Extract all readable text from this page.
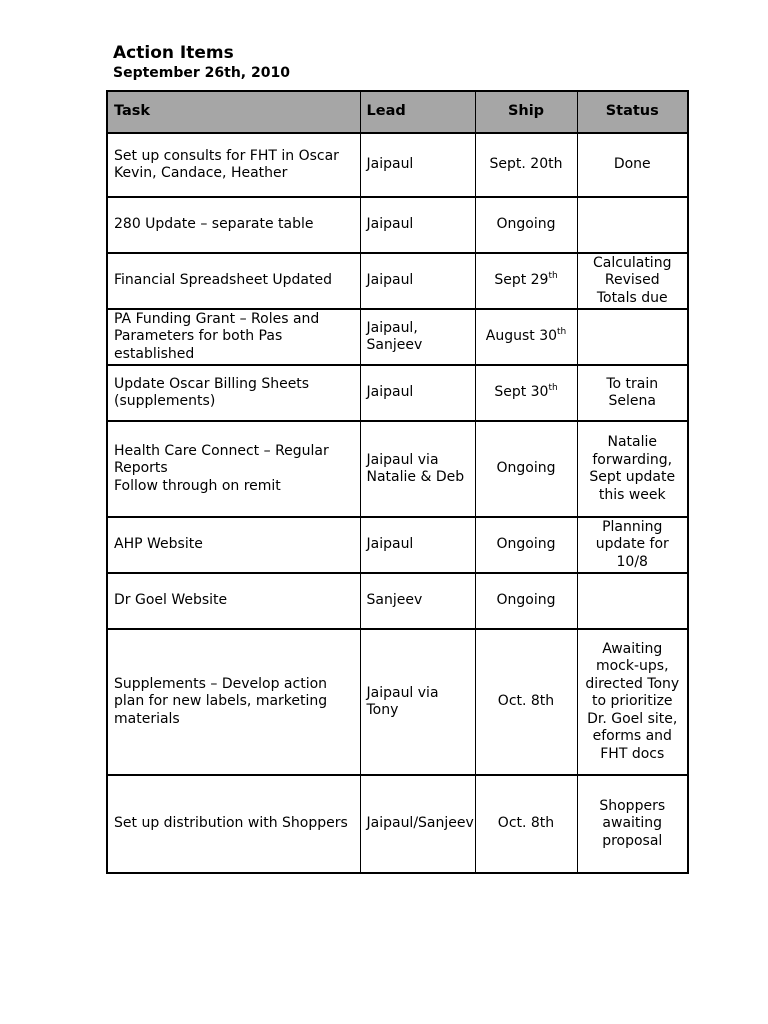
Action Items
September 26th, 2010
Task	Lead	Ship	Status

Set up consults for FHT in Oscar
Kevin, Candace, Heather	Jaipaul	Sept. 20th	Done

280 Update – separate table	Jaipaul	Ongoing	

Financial Spreadsheet Updated	Jaipaul	Sept 29th	Calculating Revised Totals due

PA Funding Grant – Roles and Parameters for both Pas established	Jaipaul, Sanjeev	August 30th	

Update Oscar Billing Sheets (supplements)	Jaipaul	Sept 30th	To train Selena

Health Care Connect – Regular Reports
Follow through on remit	Jaipaul via Natalie & Deb	Ongoing	Natalie forwarding, Sept update this week

AHP Website	Jaipaul	Ongoing	Planning update for 10/8

Dr Goel Website	Sanjeev	Ongoing	

Supplements – Develop action plan for new labels, marketing materials	Jaipaul via Tony	Oct. 8th	Awaiting mock-ups, directed Tony to prioritize Dr. Goel site, eforms and FHT docs

Set up distribution with Shoppers	Jaipaul/Sanjeev	Oct. 8th	Shoppers awaiting proposal
